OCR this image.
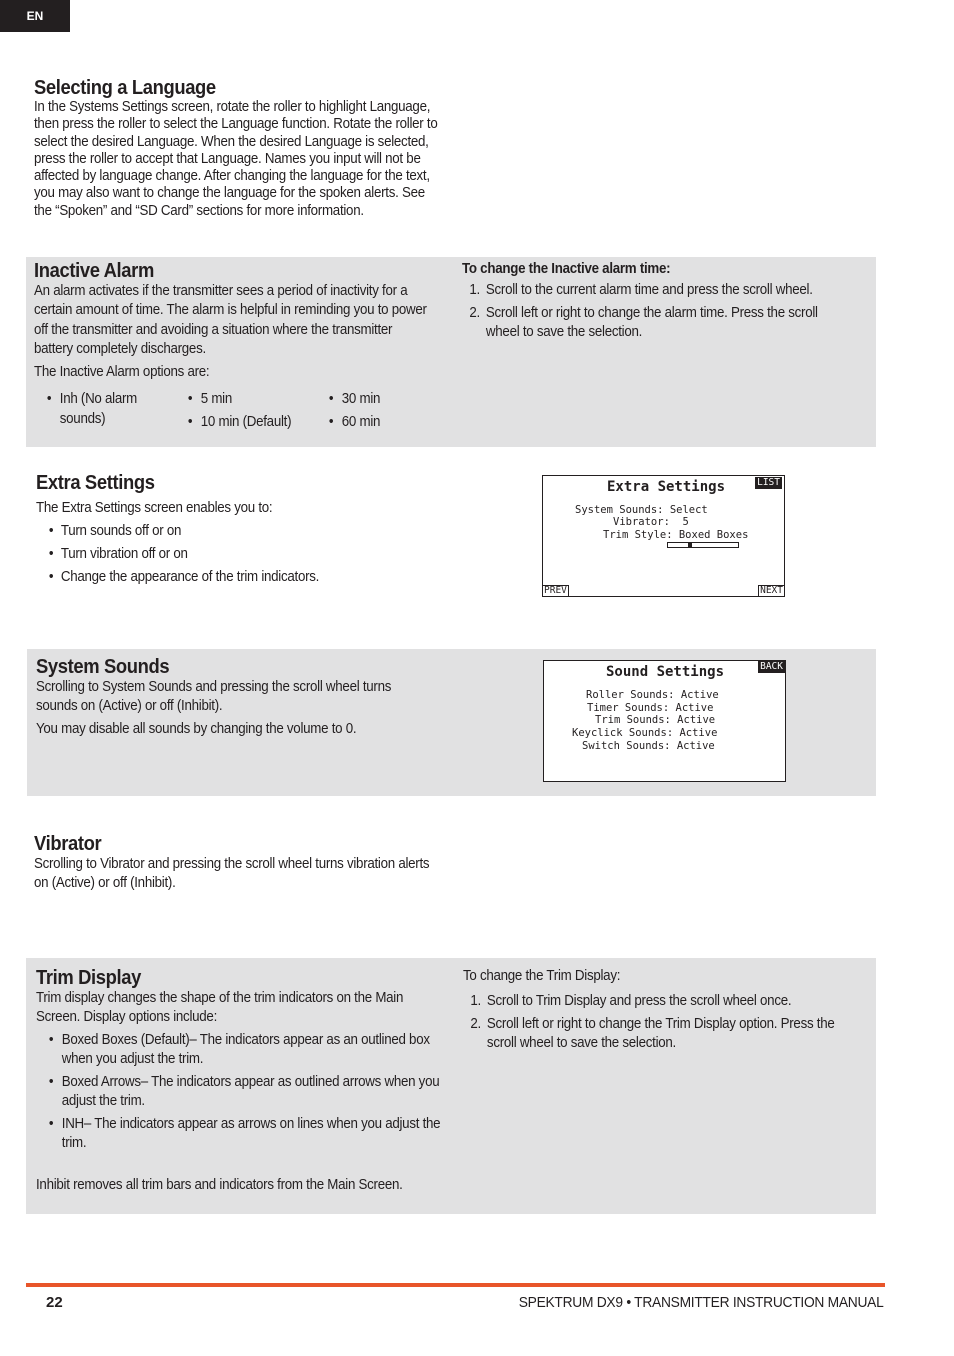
EN
Selecting a Language

In the Systems Settings screen, rotate the roller to highlight Language, then press the roller to select the Language function. Rotate the roller to select the desired Language. When the desired Language is selected, press the roller to accept that Language. Names you input will not be affected by language change. After changing the language for the text, you may also want to change the language for the spoken alerts. See the “Spoken” and “SD Card” sections for more information.

Inactive Alarm

An alarm activates if the transmitter sees a period of inactivity for a certain amount of time. The alarm is helpful in reminding you to power off the transmitter and avoiding a situation where the transmitter battery completely discharges.

The Inactive Alarm options are:

• Inh (No alarm sounds)
• 5 min
• 10 min (Default)
• 30 min
• 60 min
To change the Inactive alarm time:
1. Scroll to the current alarm time and press the scroll wheel.
2. Scroll left or right to change the alarm time. Press the scroll wheel to save the selection.
Extra Settings

The Extra Settings screen enables you to:

• Turn sounds off or on
• Turn vibration off or on
• Change the appearance of the trim indicators.
Extra Settings	LIST
System Sounds: Select
Vibrator:  5
Trim Style: Boxed Boxes
PREV	NEXT
System Sounds

Scrolling to System Sounds and pressing the scroll wheel turns sounds on (Active) or off (Inhibit).

You may disable all sounds by changing the volume to 0.

Sound Settings	BACK
Roller Sounds: Active
Timer Sounds: Active
Trim Sounds: Active
Keyclick Sounds: Active
Switch Sounds: Active
Vibrator

Scrolling to Vibrator and pressing the scroll wheel turns vibration alerts on (Active) or off (Inhibit).

Trim Display

Trim display changes the shape of the trim indicators on the Main Screen. Display options include:

• Boxed Boxes (Default)– The indicators appear as an outlined box when you adjust the trim.
• Boxed Arrows– The indicators appear as outlined arrows when you adjust the trim.
• INH– The indicators appear as arrows on lines when you adjust the trim.

Inhibit removes all trim bars and indicators from the Main Screen.

To change the Trim Display:
1. Scroll to Trim Display and press the scroll wheel once.
2. Scroll left or right to change the Trim Display option. Press the scroll wheel to save the selection.
22	SPEKTRUM DX9 • TRANSMITTER INSTRUCTION MANUAL
